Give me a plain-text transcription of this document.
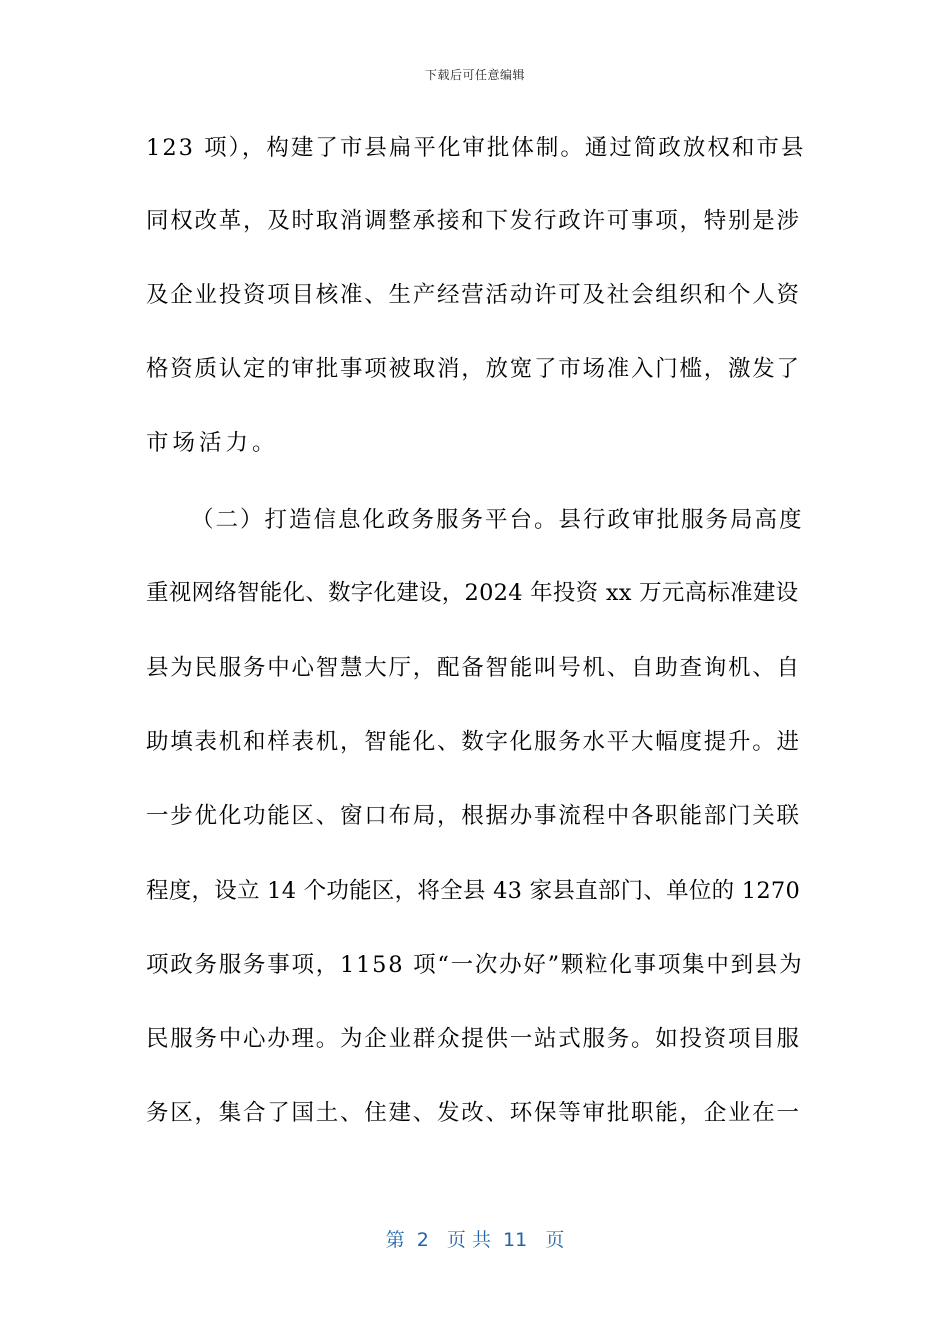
下载后可任意编辑
123 项），构建了市县扁平化审批体制。通过简政放权和市县
同权改革，及时取消调整承接和下发行政许可事项，特别是涉
及企业投资项目核准、生产经营活动许可及社会组织和个人资
格资质认定的审批事项被取消，放宽了市场准入门槛，激发了
市场活力。
（二）打造信息化政务服务平台。县行政审批服务局高度
重视网络智能化、数字化建设，2024 年投资 xx 万元高标准建设
县为民服务中心智慧大厅，配备智能叫号机、自助查询机、自
助填表机和样表机，智能化、数字化服务水平大幅度提升。进
一步优化功能区、窗口布局，根据办事流程中各职能部门关联
程度，设立 14 个功能区，将全县 43 家县直部门、单位的 1270
项政务服务事项，1158 项“一次办好”颗粒化事项集中到县为
民服务中心办理。为企业群众提供一站式服务。如投资项目服
务区，集合了国土、住建、发改、环保等审批职能，企业在一
第  2   页 共  11   页
